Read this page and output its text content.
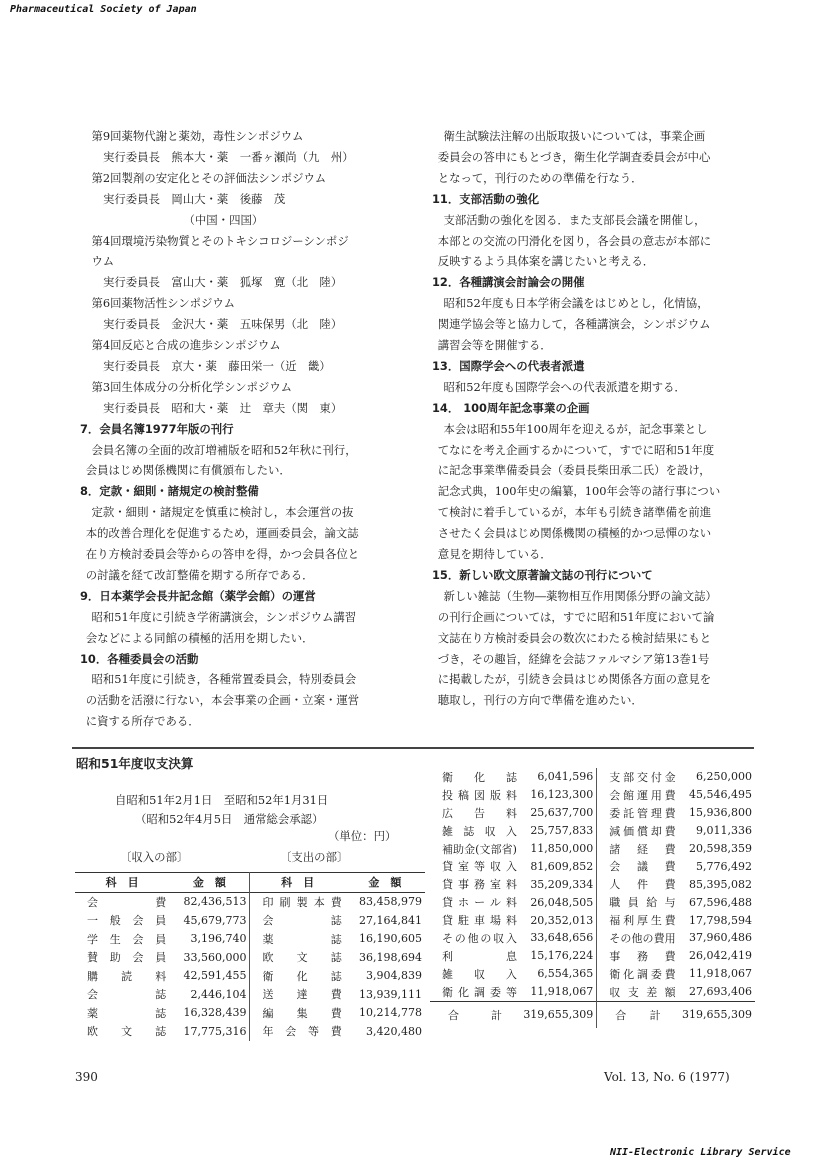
Pharmaceutical Society of Japan
第9回薬物代謝と薬効，毒性シンポジウム
実行委員長　熊本大・薬　一番ヶ瀬尚（九　州）
第2回製剤の安定化とその評価法シンポジウム
実行委員長　岡山大・薬　後藤　茂
（中国・四国）
第4回環境汚染物質とそのトキシコロジーシンポジ
ウム
実行委員長　富山大・薬　狐塚　寛（北　陸）
第6回薬物活性シンポジウム
実行委員長　金沢大・薬　五味保男（北　陸）
第4回反応と合成の進歩シンポジウム
実行委員長　京大・薬　藤田栄一（近　畿）
第3回生体成分の分析化学シンポジウム
実行委員長　昭和大・薬　辻　章夫（関　東）
7．会員名簿1977年版の刊行
会員名簿の全面的改訂増補版を昭和52年秋に刊行，
会員はじめ関係機関に有償頒布したい．
8．定款・細則・諸規定の検討整備
定款・細則・諸規定を慎重に検討し，本会運営の抜
本的改善合理化を促進するため，運画委員会，論文誌
在り方検討委員会等からの答申を得，かつ会員各位と
の討議を経て改訂整備を期する所存である．
9．日本薬学会長井記念館（薬学会館）の運営
昭和51年度に引続き学術講演会，シンポジウム講習
会などによる同館の積極的活用を期したい．
10．各種委員会の活動
昭和51年度に引続き，各種常置委員会，特別委員会
の活動を活潑に行ない，本会事業の企画・立案・運営
に資する所存である．
衛生試験法注解の出版取扱いについては，事業企画
委員会の答申にもとづき，衛生化学調査委員会が中心
となって，刊行のための準備を行なう．
11．支部活動の強化
支部活動の強化を図る．また支部長会議を開催し，
本部との交流の円滑化を図り，各会員の意志が本部に
反映するよう具体案を講じたいと考える．
12．各種講演会討論会の開催
昭和52年度も日本学術会議をはじめとし，化情協，
関連学協会等と協力して，各種講演会，シンポジウム
講習会等を開催する．
13．国際学会への代表者派遣
昭和52年度も国際学会への代表派遣を期する．
14． 100周年記念事業の企画
本会は昭和55年100周年を迎えるが，記念事業とし
てなにを考え企画するかについて，すでに昭和51年度
に記念事業準備委員会（委員長柴田承二氏）を設け，
記念式典，100年史の編纂，100年会等の諸行事につい
て検討に着手しているが，本年も引続き諸準備を前進
させたく会員はじめ関係機関の積極的かつ忌憚のない
意見を期待している．
15．新しい欧文原著論文誌の刊行について
新しい雑誌（生物―薬物相互作用関係分野の論文誌）
の刊行企画については，すでに昭和51年度において論
文誌在り方検討委員会の数次にわたる検討結果にもと
づき，その趣旨，経緯を会誌ファルマシア第13巻1号
に掲載したが，引続き会員はじめ関係各方面の意見を
聴取し，刊行の方向で準備を進めたい．
昭和51年度収支決算
自昭和51年2月1日　至昭和52年1月31日
（昭和52年4月5日　通常総会承認）
（単位：円）
〔収入の部〕	〔支出の部〕
科　目	金　額	科　目	金　額
会　費	82,436,513	印刷製本費	83,458,979
一般会員	45,679,773	会　誌	27,164,841
学生会員	3,196,740	薬　誌	16,190,605
賛助会員	33,560,000	欧　文　誌	36,198,694
購読料	42,591,455	衛　化　誌	3,904,839
会　誌	2,446,104	送　達　費	13,939,111
薬　誌	16,328,439	編　集　費	10,214,778
欧　文　誌	17,775,316	年会等費	3,420,480
衛　化　誌	6,041,596	支部交付金	6,250,000
投稿図版料	16,123,300	会館運用費	45,546,495
広　告　料	25,637,700	委託管理費	15,936,800
雑誌収入	25,757,833	減価償却費	9,011,336
補助金(文部省)	11,850,000	諸　経　費	20,598,359
貸室等収入	81,609,852	会　議　費	5,776,492
貸事務室料	35,209,334	人　件　費	85,395,082
貸ホール料	26,048,505	職員給与	67,596,488
貸駐車場料	20,352,013	福利厚生費	17,798,594
その他の収入	33,648,656	その他の費用	37,960,486
利　息	15,176,224	事　務　費	26,042,419
雑　収　入	6,554,365	衛化調委費	11,918,067
衛化調委等	11,918,067	収支差額	27,693,406
合　計	319,655,309	合　計	319,655,309
390	Vol. 13, No. 6 (1977)
NII-Electronic Library Service
